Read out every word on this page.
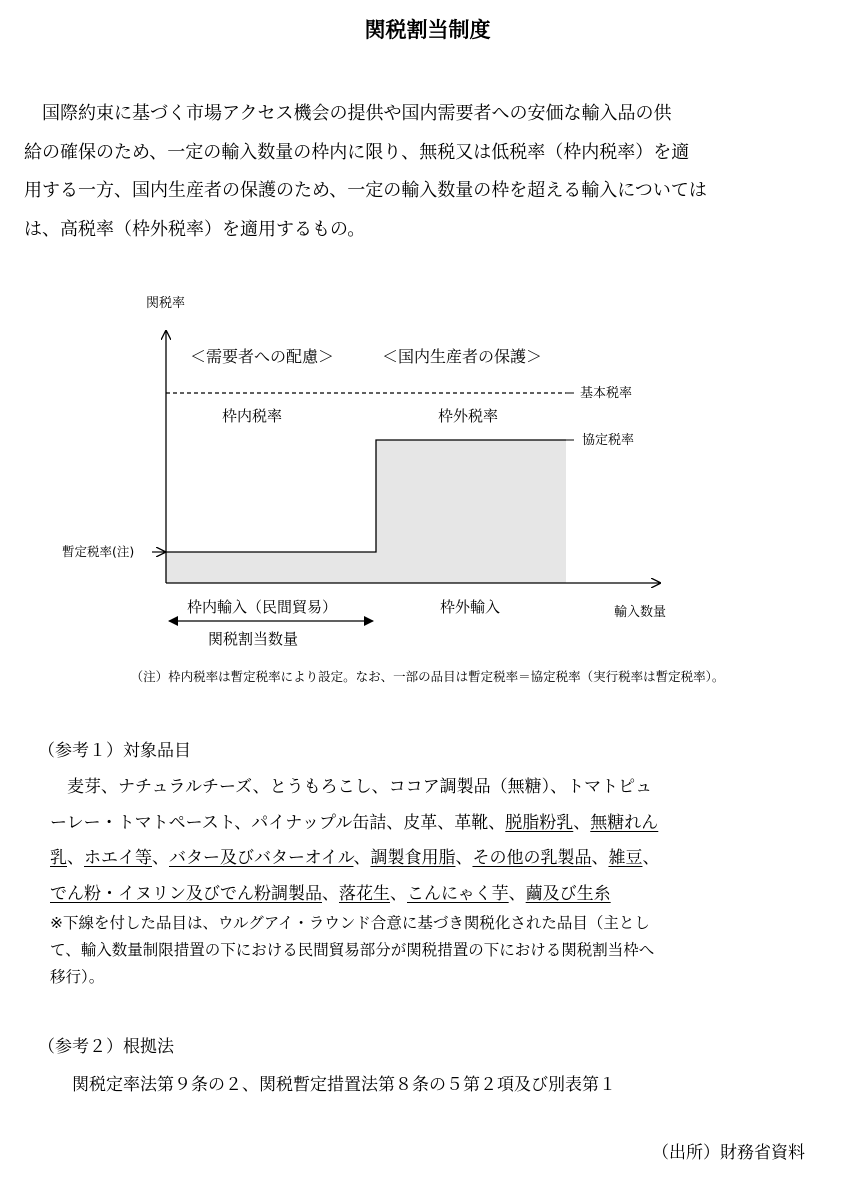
関税割当制度

　国際約束に基づく市場アクセス機会の提供や国内需要者への安価な輸入品の供

給の確保のため、一定の輸入数量の枠内に限り、無税又は低税率（枠内税率）を適

用する一方、国内生産者の保護のため、一定の輸入数量の枠を超える輸入については

は、高税率（枠外税率）を適用するもの。

関税率
＜需要者への配慮＞	＜国内生産者の保護＞
基本税率
協定税率
枠内税率	枠外税率
暫定税率(注)
枠内輸入（民間貿易）	枠外輸入	輸入数量
関税割当数量
（注）枠内税率は暫定税率により設定。なお、一部の品目は暫定税率＝協定税率（実行税率は暫定税率）。
（参考１）対象品目
　麦芽、ナチュラルチーズ、とうもろこし、ココア調製品（無糖）、トマトピュ
ーレー・トマトペースト、パイナップル缶詰、皮革、革靴、脱脂粉乳、無糖れん
乳、ホエイ等、バター及びバターオイル、調製食用脂、その他の乳製品、雑豆、
でん粉・イヌリン及びでん粉調製品、落花生、こんにゃく芋、繭及び生糸
※下線を付した品目は、ウルグアイ・ラウンド合意に基づき関税化された品目（主とし
て、輸入数量制限措置の下における民間貿易部分が関税措置の下における関税割当枠へ
移行）。
（参考２）根拠法
関税定率法第９条の２、関税暫定措置法第８条の５第２項及び別表第１
（出所）財務省資料
